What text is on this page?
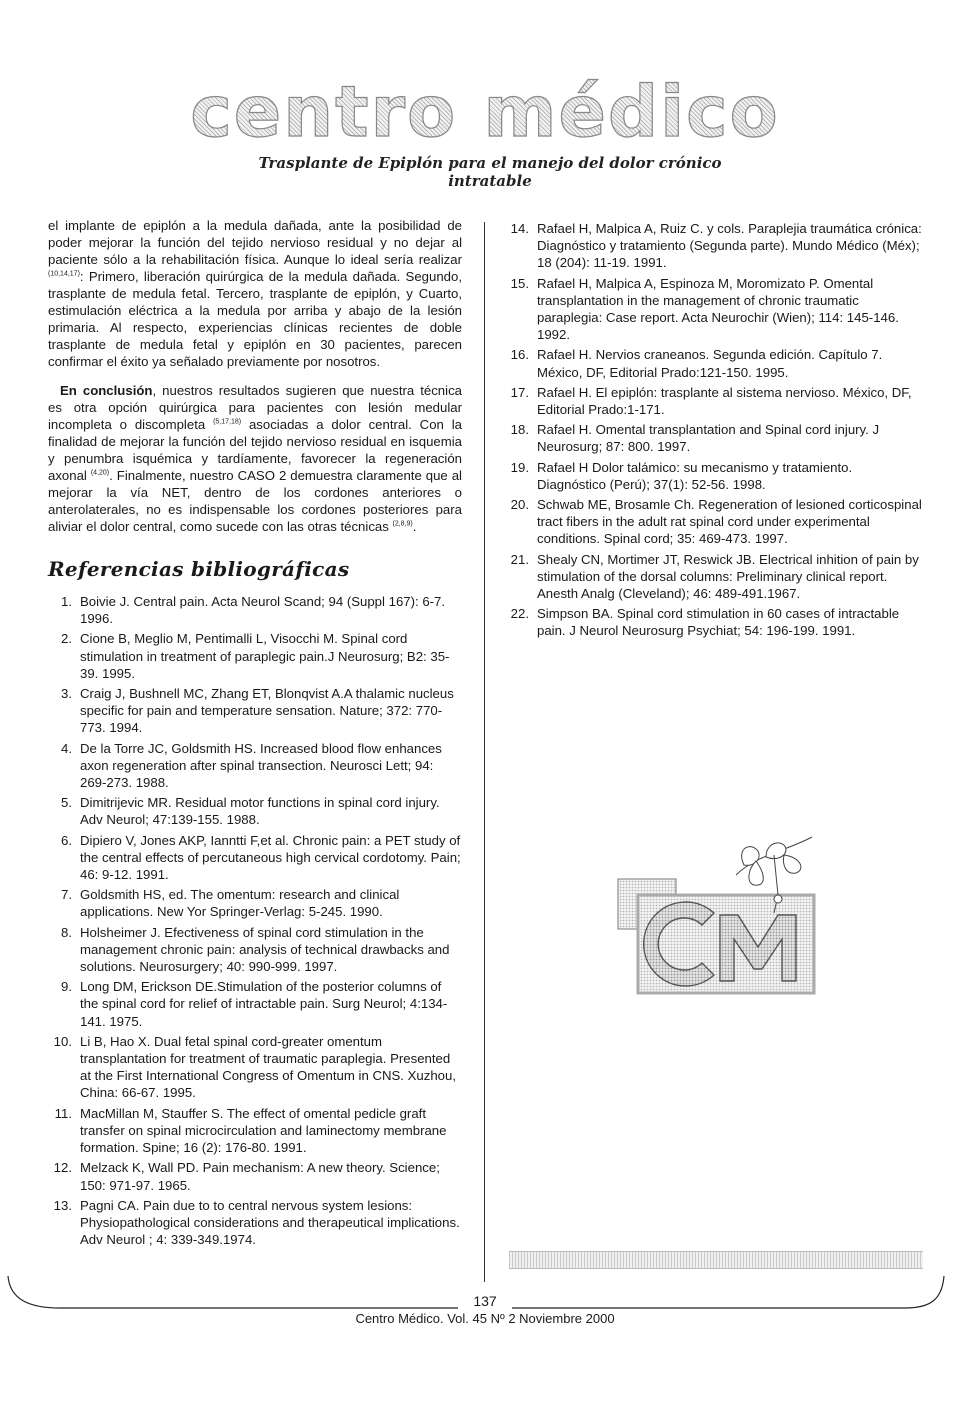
centro médico
Trasplante de Epiplón para el manejo del dolor crónico intratable

el implante de epiplón a la medula dañada, ante la posibilidad de poder mejorar la función del tejido nervioso residual y no dejar al paciente sólo a la rehabilitación física. Aunque lo ideal sería realizar $^{(10,14,17)}$: Primero, liberación quirúrgica de la medula dañada. Segundo, trasplante de medula fetal. Tercero, trasplante de epiplón, y Cuarto, estimulación eléctrica a la medula por arriba y abajo de la lesión primaria. Al respecto, experiencias clínicas recientes de doble trasplante de medula fetal y epiplón en 30 pacientes, parecen confirmar el éxito ya señalado previamente por nosotros.

En conclusión, nuestros resultados sugieren que nuestra técnica es otra opción quirúrgica para pacientes con lesión medular incompleta o discompleta $^{(5,17,18)}$ asociadas a dolor central. Con la finalidad de mejorar la función del tejido nervioso residual en isquemia y penumbra isquémica y tardíamente, favorecer la regeneración axonal $^{(4,20)}$. Finalmente, nuestro CASO 2 demuestra claramente que al mejorar la vía NET, dentro de los cordones anteriores o anterolaterales, no es indispensable los cordones posteriores para aliviar el dolor central, como sucede con las otras técnicas $^{(2,8,9)}$.

Referencias bibliográficas
1. Boivie J. Central pain. Acta Neurol Scand; 94 (Suppl 167): 6-7. 1996.
2. Cione B, Meglio M, Pentimalli L, Visocchi M. Spinal cord stimulation in treatment of paraplegic pain.J Neurosurg; B2: 35-39. 1995.
3. Craig J, Bushnell MC, Zhang ET, Blonqvist A.A thalamic nucleus specific for pain and temperature sensation. Nature; 372: 770-773. 1994.
4. De la Torre JC, Goldsmith HS. Increased blood flow enhances axon regeneration after spinal transection. Neurosci Lett; 94: 269-273. 1988.
5. Dimitrijevic MR. Residual motor functions in spinal cord injury. Adv Neurol; 47:139-155. 1988.
6. Dipiero V, Jones AKP, Ianntti F,et al. Chronic pain: a PET study of the central effects of percutaneous high cervical cordotomy. Pain; 46: 9-12. 1991.
7. Goldsmith HS, ed. The omentum: research and clinical applications. New Yor Springer-Verlag: 5-245. 1990.
8. Holsheimer J. Efectiveness of spinal cord stimulation in the management chronic pain: analysis of technical drawbacks and solutions. Neurosurgery; 40: 990-999. 1997.
9. Long DM, Erickson DE.Stimulation of the posterior columns of the spinal cord for relief of intractable pain. Surg Neurol; 4:134-141. 1975.
10. Li B, Hao X. Dual fetal spinal cord-greater omentum transplantation for treatment of traumatic paraplegia. Presented at the First International Congress of Omentum in CNS. Xuzhou, China: 66-67. 1995.
11. MacMillan M, Stauffer S. The effect of omental pedicle graft transfer on spinal microcirculation and laminectomy membrane formation. Spine; 16 (2): 176-80. 1991.
12. Melzack K, Wall PD. Pain mechanism: A new theory. Science; 150: 971-97. 1965.
13. Pagni CA. Pain due to to central nervous system lesions: Physiopathological considerations and therapeutical implications. Adv Neurol ; 4: 339-349.1974.
14. Rafael H, Malpica A, Ruiz C. y cols. Paraplejia traumática crónica: Diagnóstico y tratamiento (Segunda parte). Mundo Médico (Méx); 18 (204): 11-19. 1991.
15. Rafael H, Malpica A, Espinoza M, Moromizato P. Omental transplantation in the management of chronic traumatic paraplegia: Case report. Acta Neurochir (Wien); 114: 145-146. 1992.
16. Rafael H. Nervios craneanos. Segunda edición. Capítulo 7. México, DF, Editorial Prado:121-150. 1995.
17. Rafael H. El epiplón: trasplante al sistema nervioso. México, DF, Editorial Prado:1-171.
18. Rafael H. Omental transplantation and Spinal cord injury. J Neurosurg; 87: 800. 1997.
19. Rafael H Dolor talámico: su mecanismo y tratamiento. Diagnóstico (Perú); 37(1): 52-56. 1998.
20. Schwab ME, Brosamle Ch. Regeneration of lesioned corticospinal tract fibers in the adult rat spinal cord under experimental conditions. Spinal cord; 35: 469-473. 1997.
21. Shealy CN, Mortimer JT, Reswick JB. Electrical inhition of pain by stimulation of the dorsal columns: Preliminary clinical report. Anesth Analg (Cleveland); 46: 489-491.1967.
22. Simpson BA. Spinal cord stimulation in 60 cases of intractable pain. J Neurol Neurosurg Psychiat; 54: 196-199. 1991.
137
Centro Médico. Vol. 45 Nº 2 Noviembre 2000
